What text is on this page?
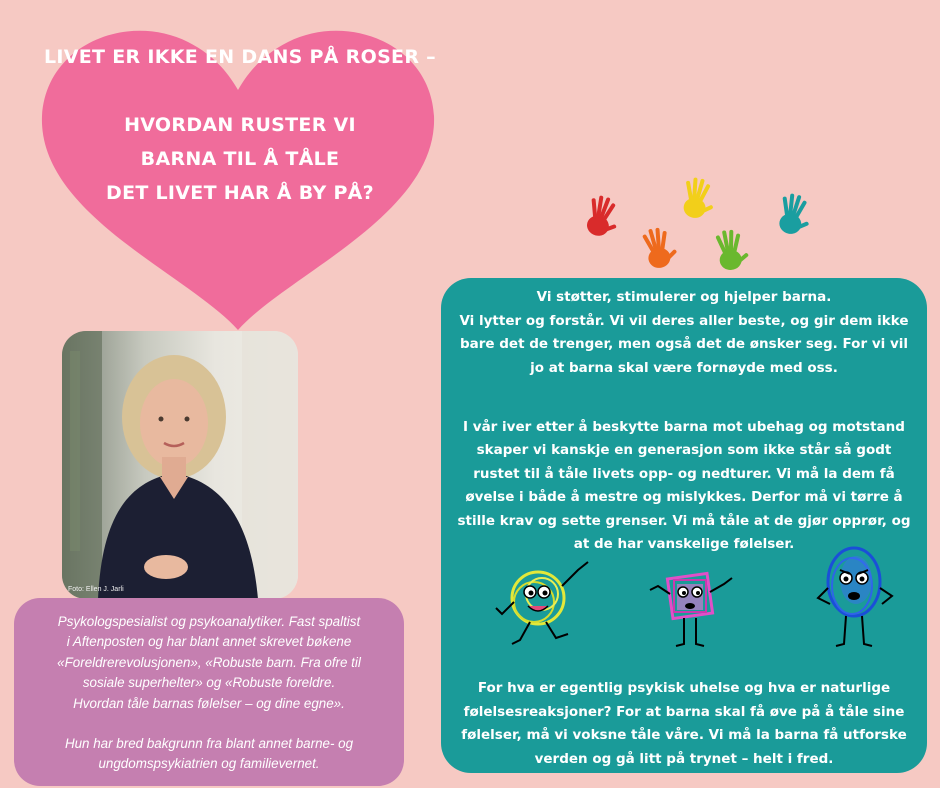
LIVET ER IKKE EN DANS PÅ ROSER –
HVORDAN RUSTER VI
BARNA TIL Å TÅLE
DET LIVET HAR Å BY PÅ?
Foto: Ellen J. Jarli

Psykologspesialist og psykoanalytiker. Fast spaltist

i Aftenposten og har blant annet skrevet bøkene

«Foreldrerevolusjonen», «Robuste barn. Fra ofre til

sosiale superhelter» og «Robuste foreldre.

Hvordan tåle barnas følelser – og dine egne».

Hun har bred bakgrunn fra blant annet barne- og

ungdomspsykiatrien og familievernet.

Vi støtter, stimulerer og hjelper barna.
Vi lytter og forstår. Vi vil deres aller beste, og gir dem ikke
bare det de trenger, men også det de ønsker seg. For vi vil
jo at barna skal være fornøyde med oss.
I vår iver etter å beskytte barna mot ubehag og motstand
skaper vi kanskje en generasjon som ikke står så godt
rustet til å tåle livets opp- og nedturer. Vi må la dem få
øvelse i både å mestre og mislykkes. Derfor må vi tørre å
stille krav og sette grenser. Vi må tåle at de gjør opprør, og
at de har vanskelige følelser.
For hva er egentlig psykisk uhelse og hva er naturlige
følelsesreaksjoner? For at barna skal få øve på å tåle sine
følelser, må vi voksne tåle våre. Vi må la barna få utforske
verden og gå litt på trynet – helt i fred.
